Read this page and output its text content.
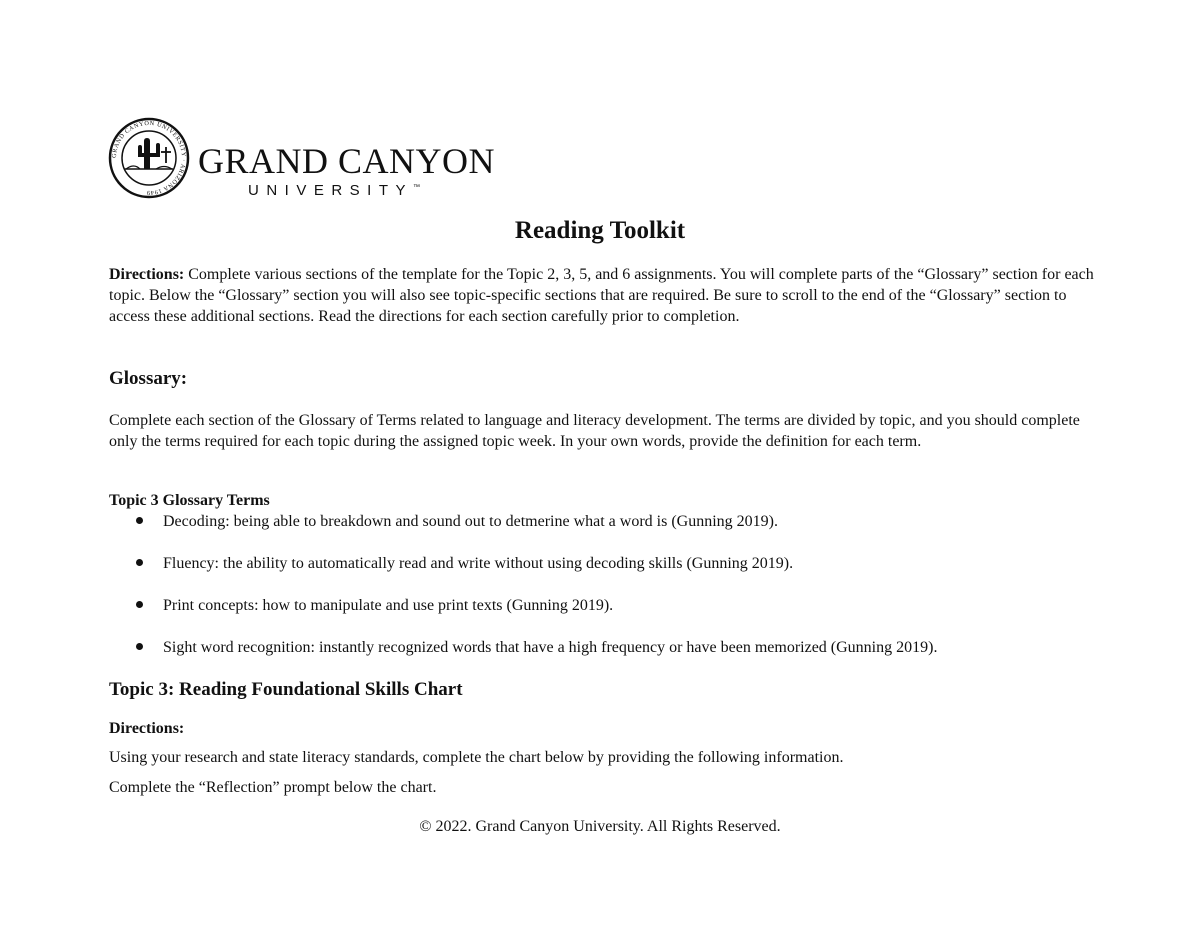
GRAND CANYON UNIVERSITY · ARIZONA 1949
GRAND CANYON
UNIVERSITY™
Reading Toolkit

Directions: Complete various sections of the template for the Topic 2, 3, 5, and 6 assignments. You will complete parts of the “Glossary” section for each topic. Below the “Glossary” section you will also see topic-specific sections that are required. Be sure to scroll to the end of the “Glossary” section to access these additional sections. Read the directions for each section carefully prior to completion.

Glossary:

Complete each section of the Glossary of Terms related to language and literacy development. The terms are divided by topic, and you should complete only the terms required for each topic during the assigned topic week. In your own words, provide the definition for each term.

Topic 3 Glossary Terms
Decoding: being able to breakdown and sound out to detmerine what a word is (Gunning 2019).
Fluency: the ability to automatically read and write without using decoding skills (Gunning 2019).
Print concepts: how to manipulate and use print texts (Gunning 2019).
Sight word recognition: instantly recognized words that have a high frequency or have been memorized (Gunning 2019).
Topic 3: Reading Foundational Skills Chart

Directions:

Using your research and state literacy standards, complete the chart below by providing the following information.

Complete the “Reflection” prompt below the chart.

© 2022. Grand Canyon University. All Rights Reserved.
